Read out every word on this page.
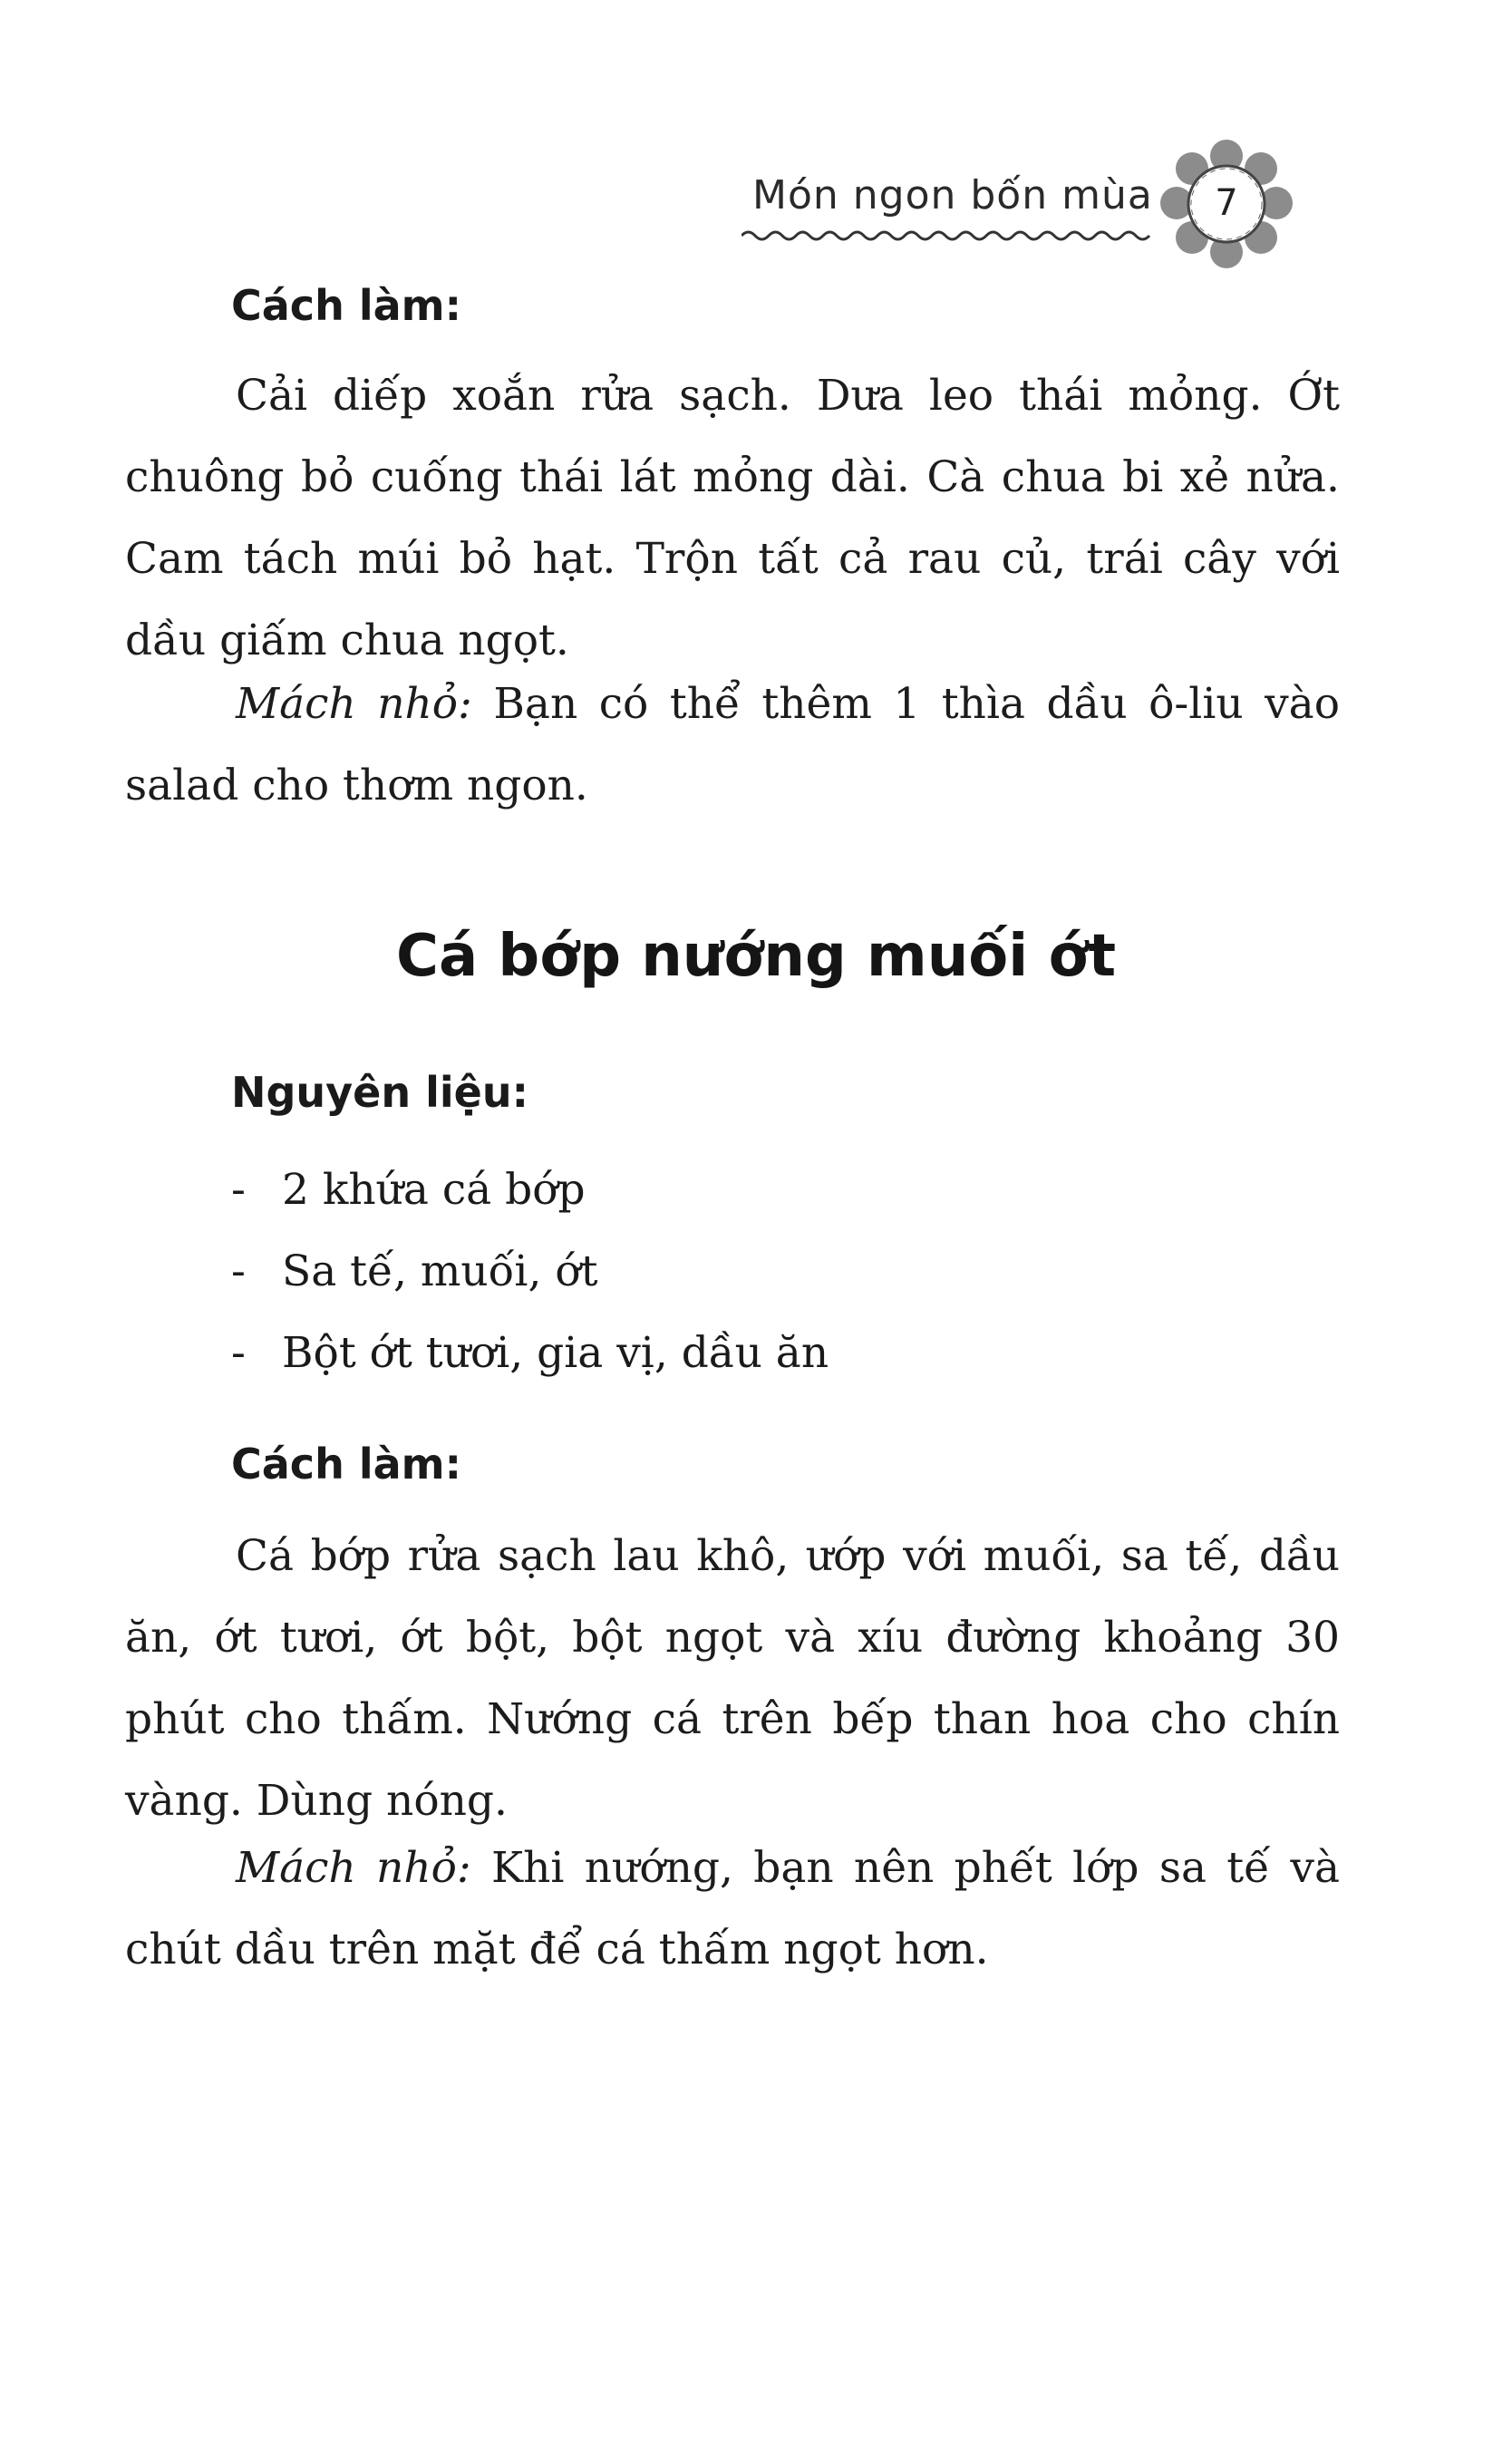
Món ngon bốn mùa	7
Cách làm:

Cải diếp xoắn rửa sạch. Dưa leo thái mỏng. Ớt chuông bỏ cuống thái lát mỏng dài. Cà chua bi xẻ nửa. Cam tách múi bỏ hạt. Trộn tất cả rau củ, trái cây với dầu giấm chua ngọt.

Mách nhỏ: Bạn có thể thêm 1 thìa dầu ô-liu vào salad cho thơm ngon.

Cá bớp nướng muối ớt
Nguyên liệu:
- 2 khứa cá bớp
- Sa tế, muối, ớt
- Bột ớt tươi, gia vị, dầu ăn
Cách làm:

Cá bớp rửa sạch lau khô, ướp với muối, sa tế, dầu ăn, ớt tươi, ớt bột, bột ngọt và xíu đường khoảng 30 phút cho thấm. Nướng cá trên bếp than hoa cho chín vàng. Dùng nóng.

Mách nhỏ: Khi nướng, bạn nên phết lớp sa tế và chút dầu trên mặt để cá thấm ngọt hơn.
